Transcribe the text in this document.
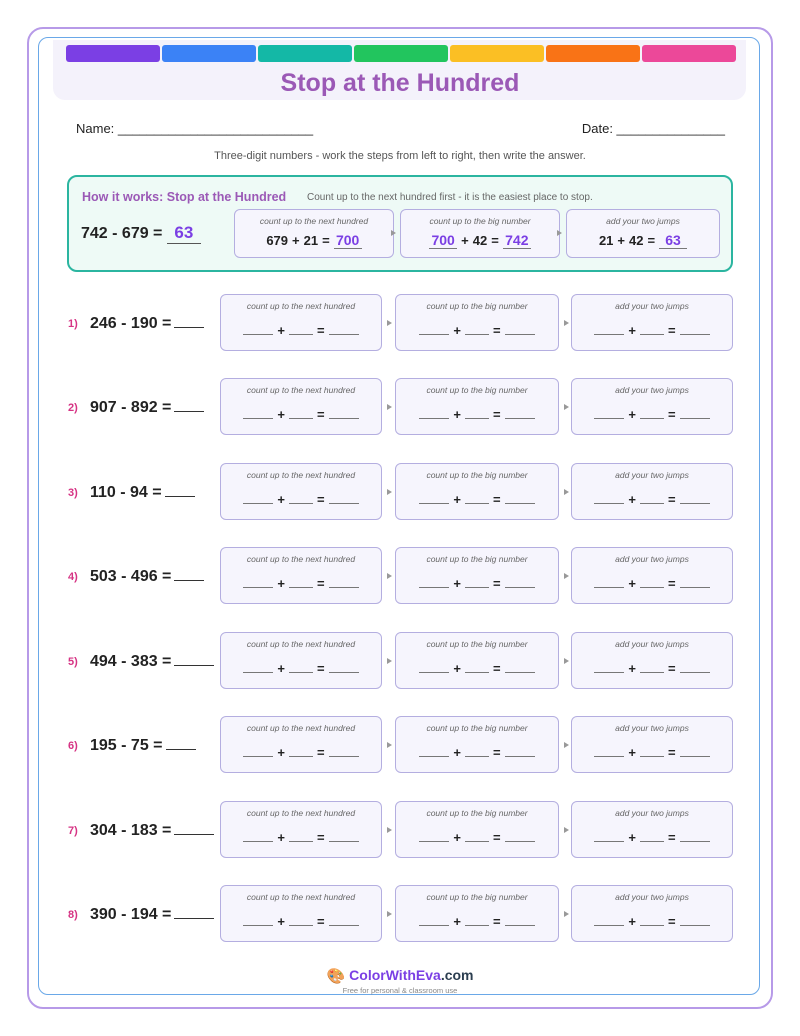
Stop at the Hundred
Name: ___________________________	Date: _______________
Three-digit numbers - work the steps from left to right, then write the answer.
How it works: Stop at the Hundred Count up to the next hundred first - it is the easiest place to stop.
742 - 679 = 63
count up to the next hundred
679 + 21 = 700
count up to the big number
700 + 42 = 742
add your two jumps
21 + 42 = 63
1) 246 - 190 =
count up to the next hundred
+ =
count up to the big number
+ =
add your two jumps
+ =
2) 907 - 892 =
count up to the next hundred
+ =
count up to the big number
+ =
add your two jumps
+ =
3) 110 - 94 =
count up to the next hundred
+ =
count up to the big number
+ =
add your two jumps
+ =
4) 503 - 496 =
count up to the next hundred
+ =
count up to the big number
+ =
add your two jumps
+ =
5) 494 - 383 =
count up to the next hundred
+ =
count up to the big number
+ =
add your two jumps
+ =
6) 195 - 75 =
count up to the next hundred
+ =
count up to the big number
+ =
add your two jumps
+ =
7) 304 - 183 =
count up to the next hundred
+ =
count up to the big number
+ =
add your two jumps
+ =
8) 390 - 194 =
count up to the next hundred
+ =
count up to the big number
+ =
add your two jumps
+ =
🎨 ColorWithEva.com
Free for personal & classroom use
